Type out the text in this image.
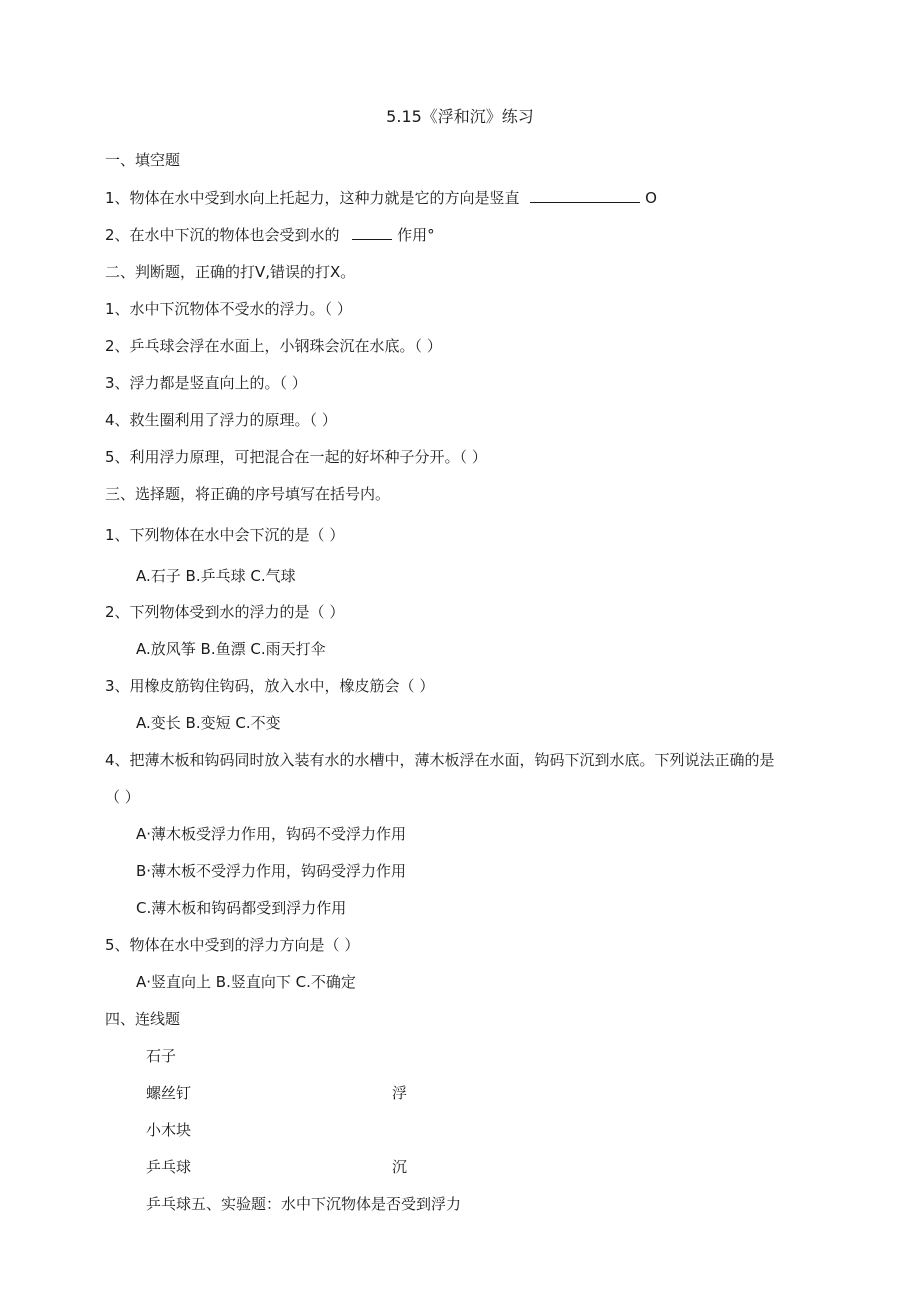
5.15《浮和沉》练习
一、填空题
1、物体在水中受到水向上托起力，这种力就是它的方向是竖直	O
2、在水中下沉的物体也会受到水的	作用°
二、判断题，正确的打V,错误的打X。
1、水中下沉物体不受水的浮力。（ ）
2、乒乓球会浮在水面上，小钢珠会沉在水底。（ ）
3、浮力都是竖直向上的。（ ）
4、救生圈利用了浮力的原理。（ ）
5、利用浮力原理，可把混合在一起的好坏种子分开。（ ）
三、选择题，将正确的序号填写在括号内。
1、下列物体在水中会下沉的是（ ）
A.石子 B.乒乓球 C.气球
2、下列物体受到水的浮力的是（ ）
A.放风筝 B.鱼漂 C.雨天打伞
3、用橡皮筋钩住钩码，放入水中，橡皮筋会（ ）
A.变长 B.变短 C.不变
4、把薄木板和钩码同时放入装有水的水槽中，薄木板浮在水面，钩码下沉到水底。下列说法正确的是
（ ）
A·薄木板受浮力作用，钩码不受浮力作用
B·薄木板不受浮力作用，钩码受浮力作用
C.薄木板和钩码都受到浮力作用
5、物体在水中受到的浮力方向是（ ）
A·竖直向上 B.竖直向下 C.不确定
四、连线题
石子
螺丝钉	浮
小木块
乒乓球	沉
乒乓球五、实验题：水中下沉物体是否受到浮力
